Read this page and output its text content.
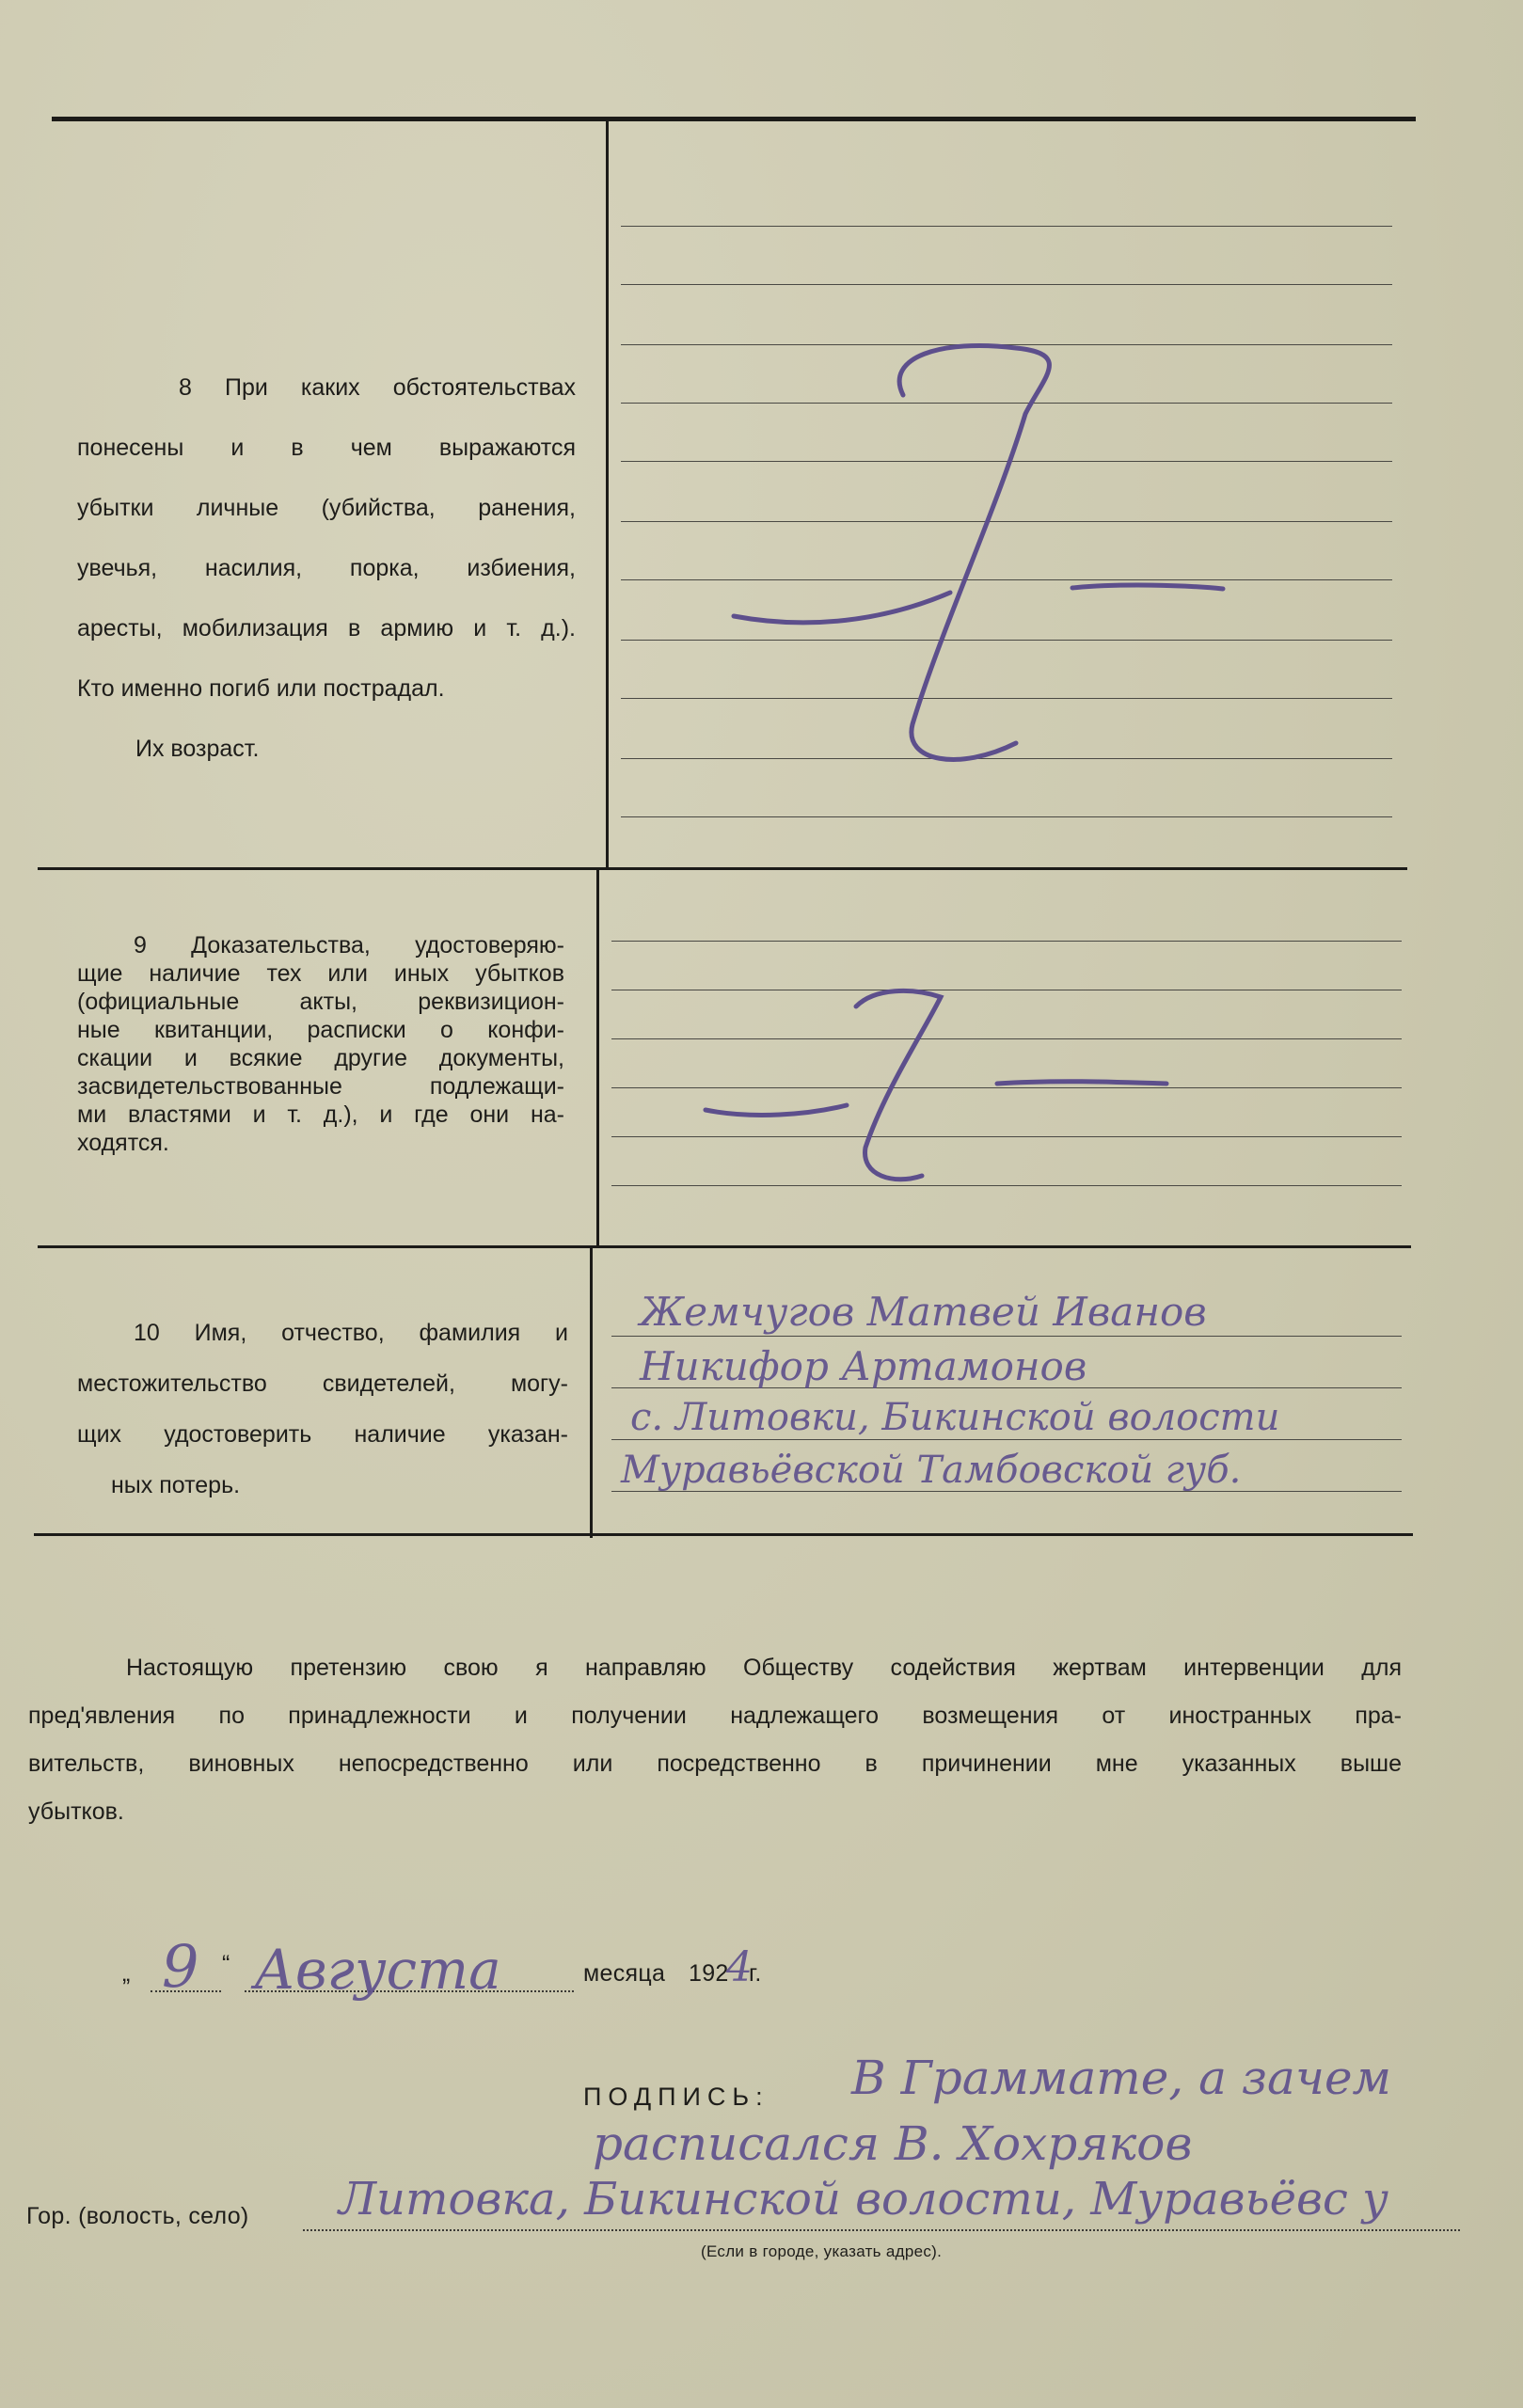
8 При каких обстоятельствах
понесены и в чем выражаются
убытки личные (убийства, ранения,
увечья, насилия, порка, избиения,
аресты, мобилизация в армию и т. д.).
Кто именно погиб или пострадал.
Их возраст.
9 Доказательства, удостоверяю-
щие наличие тех или иных убытков
(официальные акты, реквизицион-
ные квитанции, расписки о конфи-
скации и всякие другие документы,
засвидетельствованные подлежащи-
ми властями и т. д.), и где они на-
ходятся.
10 Имя, отчество, фамилия и
местожительство свидетелей, могу-
щих удостоверить наличие указан-
ных потерь.
Жемчугов Матвей Иванов
Никифор Артамонов
с. Литовки, Бикинской волости
Муравьёвской Тамбовской губ.
Настоящую претензию свою я направляю Обществу содействия жертвам интервенции для
пред'явления по принадлежности и получении надлежащего возмещения от иностранных пра-
вительств, виновных непосредственно или посредственно в причинении мне указанных выше
убытков.
„ 9 “ Августа	месяца 192
4
г.
ПОДПИСЬ: В Граммате, а зачем
расписался В. Хохряков
Гор. (волость, село) Литовка, Бикинской волости, Муравьёвс у
(Если в городе, указать адрес).
